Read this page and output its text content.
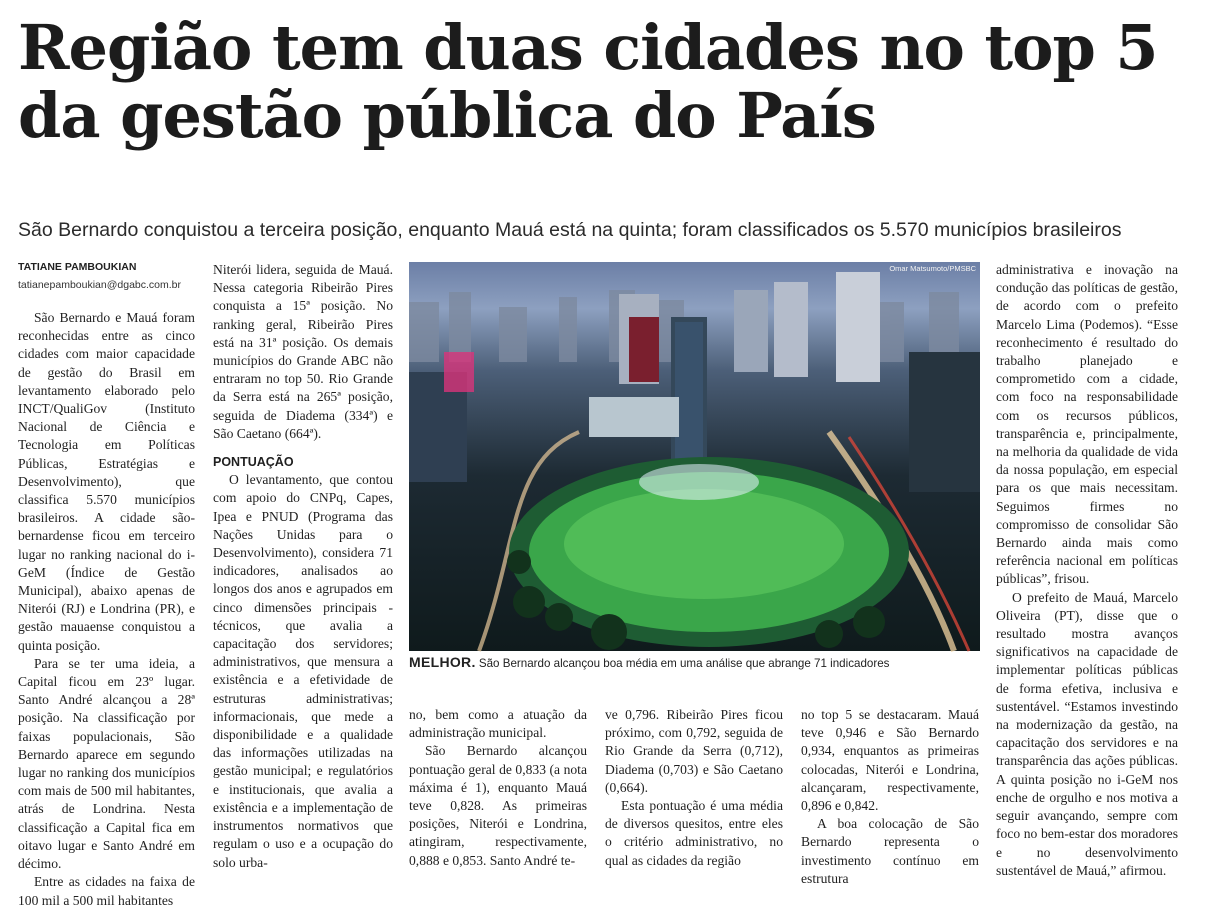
Região tem duas cidades no top 5 da gestão pública do País

São Bernardo conquistou a terceira posição, enquanto Mauá está na quinta; foram classificados os 5.570 municípios brasileiros

TATIANE PAMBOUKIAN
tatianepamboukian@dgabc.com.br

São Bernardo e Mauá foram reconhecidas entre as cinco cidades com maior capacidade de gestão do Brasil em levantamento elaborado pelo INCT/QualiGov (Instituto Nacional de Ciência e Tecnologia em Políticas Públicas, Estratégias e Desenvolvimento), que classifica 5.570 municípios brasileiros. A cidade são-bernardense ficou em terceiro lugar no ranking nacional do i-GeM (Índice de Gestão Municipal), abaixo apenas de Niterói (RJ) e Londrina (PR), e gestão mauaense conquistou a quinta posição.

Para se ter uma ideia, a Capital ficou em 23º lugar. Santo André alcançou a 28ª posição. Na classificação por faixas populacionais, São Bernardo aparece em segundo lugar no ranking dos municípios com mais de 500 mil habitantes, atrás de Londrina. Nesta classificação a Capital fica em oitavo lugar e Santo André em décimo.

Entre as cidades na faixa de 100 mil a 500 mil habitantes

Niterói lidera, seguida de Mauá. Nessa categoria Ribeirão Pires conquista a 15ª posição. No ranking geral, Ribeirão Pires está na 31ª posição. Os demais municípios do Grande ABC não entraram no top 50. Rio Grande da Serra está na 265ª posição, seguida de Diadema (334ª) e São Caetano (664ª).

PONTUAÇÃO

O levantamento, que contou com apoio do CNPq, Capes, Ipea e PNUD (Programa das Nações Unidas para o Desenvolvimento), considera 71 indicadores, analisados ao longos dos anos e agrupados em cinco dimensões principais - técnicos, que avalia a capacitação dos servidores; administrativos, que mensura a existência e a efetividade de estruturas administrativas; informacionais, que mede a disponibilidade e a qualidade das informações utilizadas na gestão municipal; e regulatórios e institucionais, que avalia a existência e a implementação de instrumentos normativos que regulam o uso e a ocupação do solo urba-

Omar Matsumoto/PMSBC
MELHOR. São Bernardo alcançou boa média em uma análise que abrange 71 indicadores

no, bem como a atuação da administração municipal.

São Bernardo alcançou pontuação geral de 0,833 (a nota máxima é 1), enquanto Mauá teve 0,828. As primeiras posições, Niterói e Londrina, atingiram, respectivamente, 0,888 e 0,853. Santo André te-

ve 0,796. Ribeirão Pires ficou próximo, com 0,792, seguida de Rio Grande da Serra (0,712), Diadema (0,703) e São Caetano (0,664).

Esta pontuação é uma média de diversos quesitos, entre eles o critério administrativo, no qual as cidades da região

no top 5 se destacaram. Mauá teve 0,946 e São Bernardo 0,934, enquantos as primeiras colocadas, Niterói e Londrina, alcançaram, respectivamente, 0,896 e 0,842.

A boa colocação de São Bernardo representa o investimento contínuo em estrutura

administrativa e inovação na condução das políticas de gestão, de acordo com o prefeito Marcelo Lima (Podemos). “Esse reconhecimento é resultado do trabalho planejado e comprometido com a cidade, com foco na responsabilidade com os recursos públicos, transparência e, principalmente, na melhoria da qualidade de vida da nossa população, em especial para os que mais necessitam. Seguimos firmes no compromisso de consolidar São Bernardo ainda mais como referência nacional em políticas públicas”, frisou.

O prefeito de Mauá, Marcelo Oliveira (PT), disse que o resultado mostra avanços significativos na capacidade de implementar políticas públicas de forma efetiva, inclusiva e sustentável. “Estamos investindo na modernização da gestão, na capacitação dos servidores e na transparência das ações públicas. A quinta posição no i-GeM nos enche de orgulho e nos motiva a seguir avançando, sempre com foco no bem-estar dos moradores e no desenvolvimento sustentável de Mauá,” afirmou.
